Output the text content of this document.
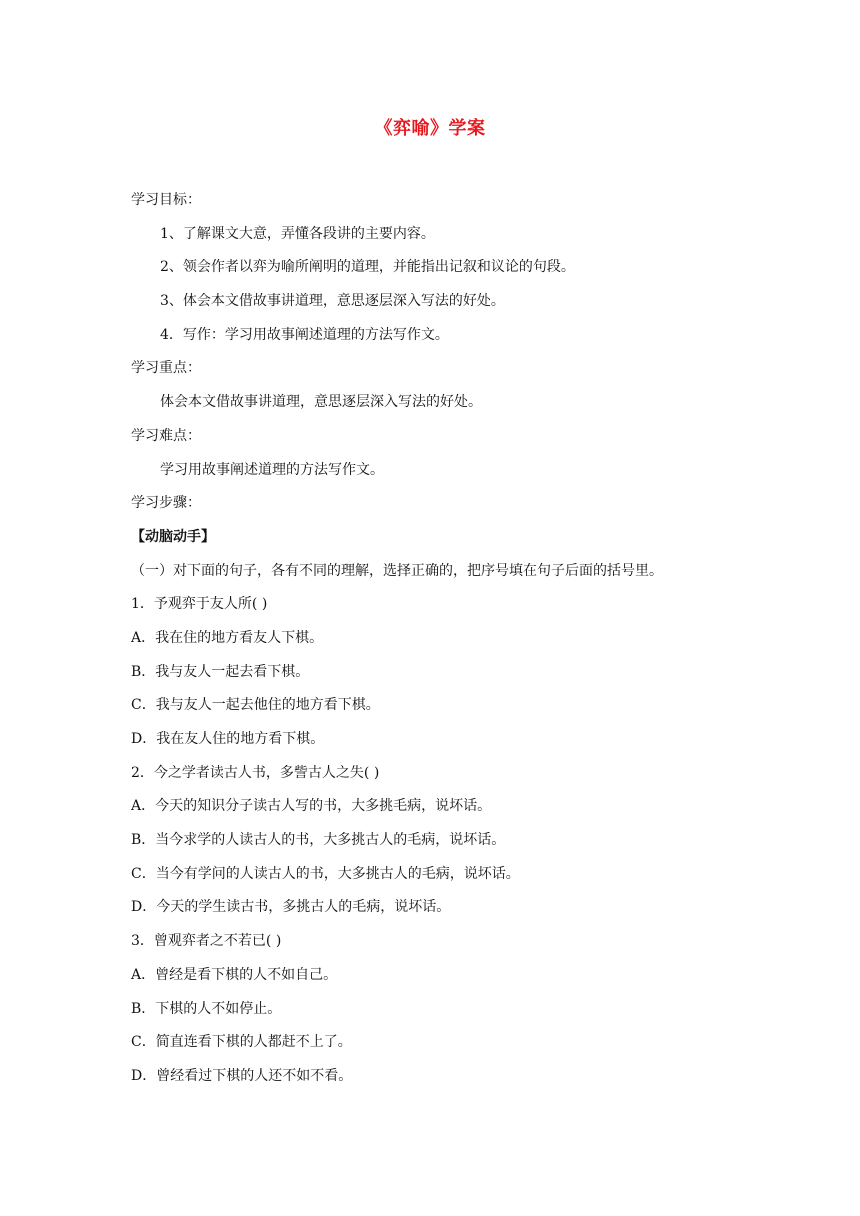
《弈喻》学案
学习目标：
1、了解课文大意，弄懂各段讲的主要内容。
2、领会作者以弈为喻所阐明的道理，并能指出记叙和议论的句段。
3、体会本文借故事讲道理，意思逐层深入写法的好处。
4．写作：学习用故事阐述道理的方法写作文。
学习重点：
体会本文借故事讲道理，意思逐层深入写法的好处。
学习难点：
学习用故事阐述道理的方法写作文。
学习步骤：
【动脑动手】
（一）对下面的句子，各有不同的理解，选择正确的，把序号填在句子后面的括号里。
1．予观弈于友人所( )
A．我在住的地方看友人下棋。
B．我与友人一起去看下棋。
C．我与友人一起去他住的地方看下棋。
D．我在友人住的地方看下棋。
2．今之学者读古人书，多訾古人之失( )
A．今天的知识分子读古人写的书，大多挑毛病，说坏话。
B．当今求学的人读古人的书，大多挑古人的毛病，说坏话。
C．当今有学问的人读古人的书，大多挑古人的毛病，说坏话。
D．今天的学生读古书，多挑古人的毛病，说坏话。
3．曾观弈者之不若已( )
A．曾经是看下棋的人不如自己。
B．下棋的人不如停止。
C．简直连看下棋的人都赶不上了。
D．曾经看过下棋的人还不如不看。
